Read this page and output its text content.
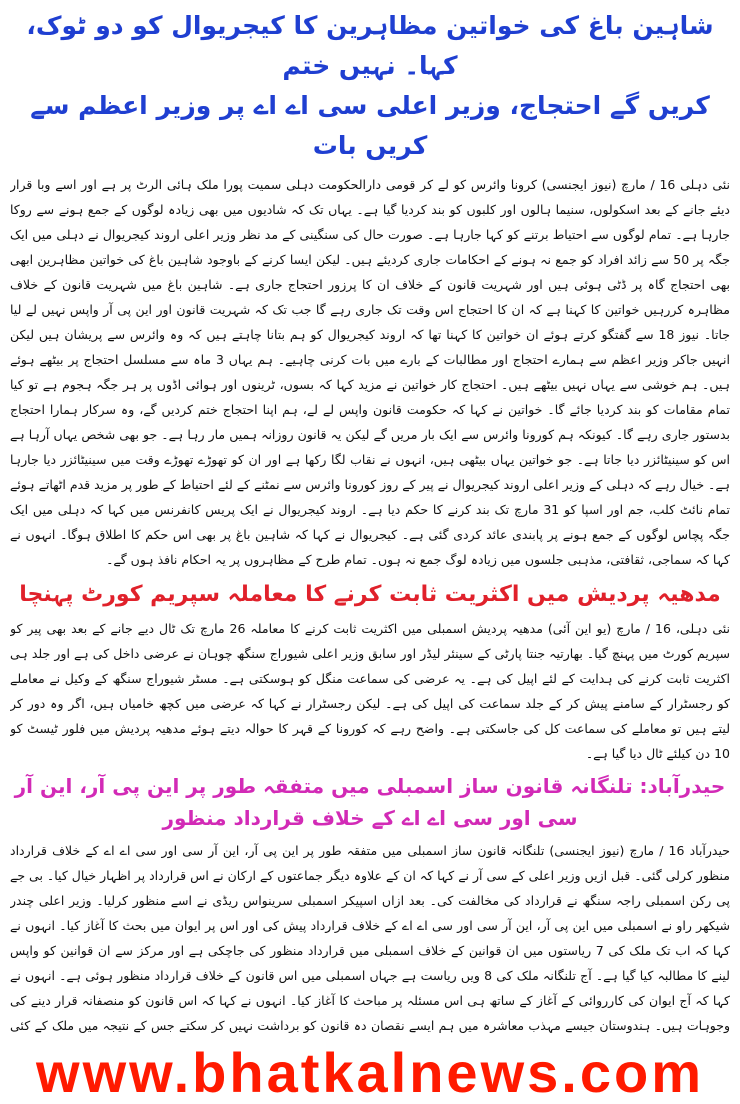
شاہین باغ کی خواتین مظاہرین کا کیجریوال کو دو ٹوک، کہا۔ نہیں ختم
کریں گے احتجاج، وزیر اعلی سی اے اے پر وزیر اعظم سے کریں بات

نئی دہلی 16 / مارچ (نیوز ایجنسی) کرونا وائرس کو لے کر قومی دارالحکومت دہلی سمیت پورا ملک ہائی الرٹ پر ہے اور اسے وبا قرار دیئے جانے کے بعد اسکولوں، سنیما ہالوں اور کلبوں کو بند کردیا گیا ہے۔ یہاں تک کہ شادیوں میں بھی زیادہ لوگوں کے جمع ہونے سے روکا جارہا ہے۔ تمام لوگوں سے احتیاط برتنے کو کہا جارہا ہے۔ صورت حال کی سنگینی کے مد نظر وزیر اعلی اروند کیجریوال نے دہلی میں ایک جگہ پر 50 سے زائد افراد کو جمع نہ ہونے کے احکامات جاری کردیئے ہیں۔ لیکن ایسا کرنے کے باوجود شاہین باغ کی خواتین مظاہرین ابھی بھی احتجاج گاہ پر ڈٹی ہوئی ہیں اور شہریت قانون کے خلاف ان کا پرزور احتجاج جاری ہے۔ شاہین باغ میں شہریت قانون کے خلاف مظاہرہ کررہیں خواتین کا کہنا ہے کہ ان کا احتجاج اس وقت تک جاری رہے گا جب تک کہ شہریت قانون اور این پی آر واپس نہیں لے لیا جاتا۔ نیوز 18 سے گفتگو کرتے ہوئے ان خواتین کا کہنا تھا کہ اروند کیجریوال کو ہم بتانا چاہتے ہیں کہ وہ وائرس سے پریشان ہیں لیکن انہیں جاکر وزیر اعظم سے ہمارے احتجاج اور مطالبات کے بارے میں بات کرنی چاہیے۔ ہم یہاں 3 ماہ سے مسلسل احتجاج پر بیٹھے ہوئے ہیں۔ ہم خوشی سے یہاں نہیں بیٹھے ہیں۔ احتجاج کار خواتین نے مزید کہا کہ بسوں، ٹرینوں اور ہوائی اڈوں پر ہر جگہ ہجوم ہے تو کیا تمام مقامات کو بند کردیا جائے گا۔ خواتین نے کہا کہ حکومت قانون واپس لے لے، ہم اپنا احتجاج ختم کردیں گے، وہ سرکار ہمارا احتجاج بدستور جاری رہے گا۔ کیونکہ ہم کورونا وائرس سے ایک بار مریں گے لیکن یہ قانون روزانہ ہمیں مار رہا ہے۔ جو بھی شخص یہاں آرہا ہے اس کو سینیٹائزر دیا جاتا ہے۔ جو خواتین یہاں بیٹھی ہیں، انہوں نے نقاب لگا رکھا ہے اور ان کو تھوڑے تھوڑے وقت میں سینیٹائزر دیا جارہا ہے۔ خیال رہے کہ دہلی کے وزیر اعلی اروند کیجریوال نے پیر کے روز کورونا وائرس سے نمٹنے کے لئے احتیاط کے طور پر مزید قدم اٹھاتے ہوئے تمام نائٹ کلب، جم اور اسپا کو 31 مارچ تک بند کرنے کا حکم دیا ہے۔ اروند کیجریوال نے ایک پریس کانفرنس میں کہا کہ دہلی میں ایک جگہ پچاس لوگوں کے جمع ہونے پر پابندی عائد کردی گئی ہے۔ کیجریوال نے کہا کہ شاہین باغ پر بھی اس حکم کا اطلاق ہوگا۔ انہوں نے کہا کہ سماجی، ثقافتی، مذہبی جلسوں میں زیادہ لوگ جمع نہ ہوں۔ تمام طرح کے مظاہروں پر یہ احکام نافذ ہوں گے۔

مدھیہ پردیش میں اکثریت ثابت کرنے کا معاملہ سپریم کورٹ پہنچا

نئی دہلی، 16 / مارچ (یو این آئی) مدھیہ پردیش اسمبلی میں اکثریت ثابت کرنے کا معاملہ 26 مارچ تک ٹال دیے جانے کے بعد بھی پیر کو سپریم کورٹ میں پہنچ گیا۔ بھارتیہ جنتا پارٹی کے سینئر لیڈر اور سابق وزیر اعلی شیوراج سنگھ چوہان نے عرضی داخل کی ہے اور جلد ہی اکثریت ثابت کرنے کی ہدایت کے لئے اپیل کی ہے۔ یہ عرضی کی سماعت منگل کو ہوسکتی ہے۔ مسٹر شیوراج سنگھ کے وکیل نے معاملے کو رجسٹرار کے سامنے پیش کر کے جلد سماعت کی اپیل کی ہے۔ لیکن رجسٹرار نے کہا کہ عرضی میں کچھ خامیاں ہیں، اگر وہ دور کر لیتے ہیں تو معاملے کی سماعت کل کی جاسکتی ہے۔ واضح رہے کہ کورونا کے قہر کا حوالہ دیتے ہوئے مدھیہ پردیش میں فلور ٹیسٹ کو 10 دن کیلئے ٹال دیا گیا ہے۔

حیدرآباد: تلنگانہ قانون ساز اسمبلی میں متفقہ طور پر این پی آر، این آر سی اور سی اے اے کے خلاف قرارداد منظور

حیدرآباد 16 / مارچ (نیوز ایجنسی) تلنگانہ قانون ساز اسمبلی میں متفقہ طور پر این پی آر، این آر سی اور سی اے اے کے خلاف قرارداد منظور کرلی گئی۔ قبل ازیں وزیر اعلی کے سی آر نے کہا کہ ان کے علاوہ دیگر جماعتوں کے ارکان نے اس قرارداد پر اظہار خیال کیا۔ بی جے پی رکن اسمبلی راجہ سنگھ نے قرارداد کی مخالفت کی۔ بعد ازاں اسپیکر اسمبلی سرینواس ریڈی نے اسے منظور کرلیا۔ وزیر اعلی چندر شیکھر راو نے اسمبلی میں این پی آر، این آر سی اور سی اے اے کے خلاف قرارداد پیش کی اور اس پر ایوان میں بحث کا آغاز کیا۔ انہوں نے کہا کہ اب تک ملک کی 7 ریاستوں میں ان قوانین کے خلاف اسمبلی میں قرارداد منظور کی جاچکی ہے اور مرکز سے ان قوانین کو واپس لینے کا مطالبہ کیا گیا ہے۔ آج تلنگانہ ملک کی 8 ویں ریاست ہے جہاں اسمبلی میں اس قانون کے خلاف قرارداد منظور ہوئی ہے۔ انہوں نے کہا کہ آج ایوان کی کارروائی کے آغاز کے ساتھ ہی اس مسئلہ پر مباحث کا آغاز کیا۔ انہوں نے کہا کہ اس قانون کو منصفانہ قرار دینے کی وجوہات ہیں۔ ہندوستان جیسے مہذب معاشرہ میں ہم ایسے نقصان دہ قانون کو برداشت نہیں کر سکتے جس کے نتیجہ میں ملک کے کئی

www.bhatkalnews.com
